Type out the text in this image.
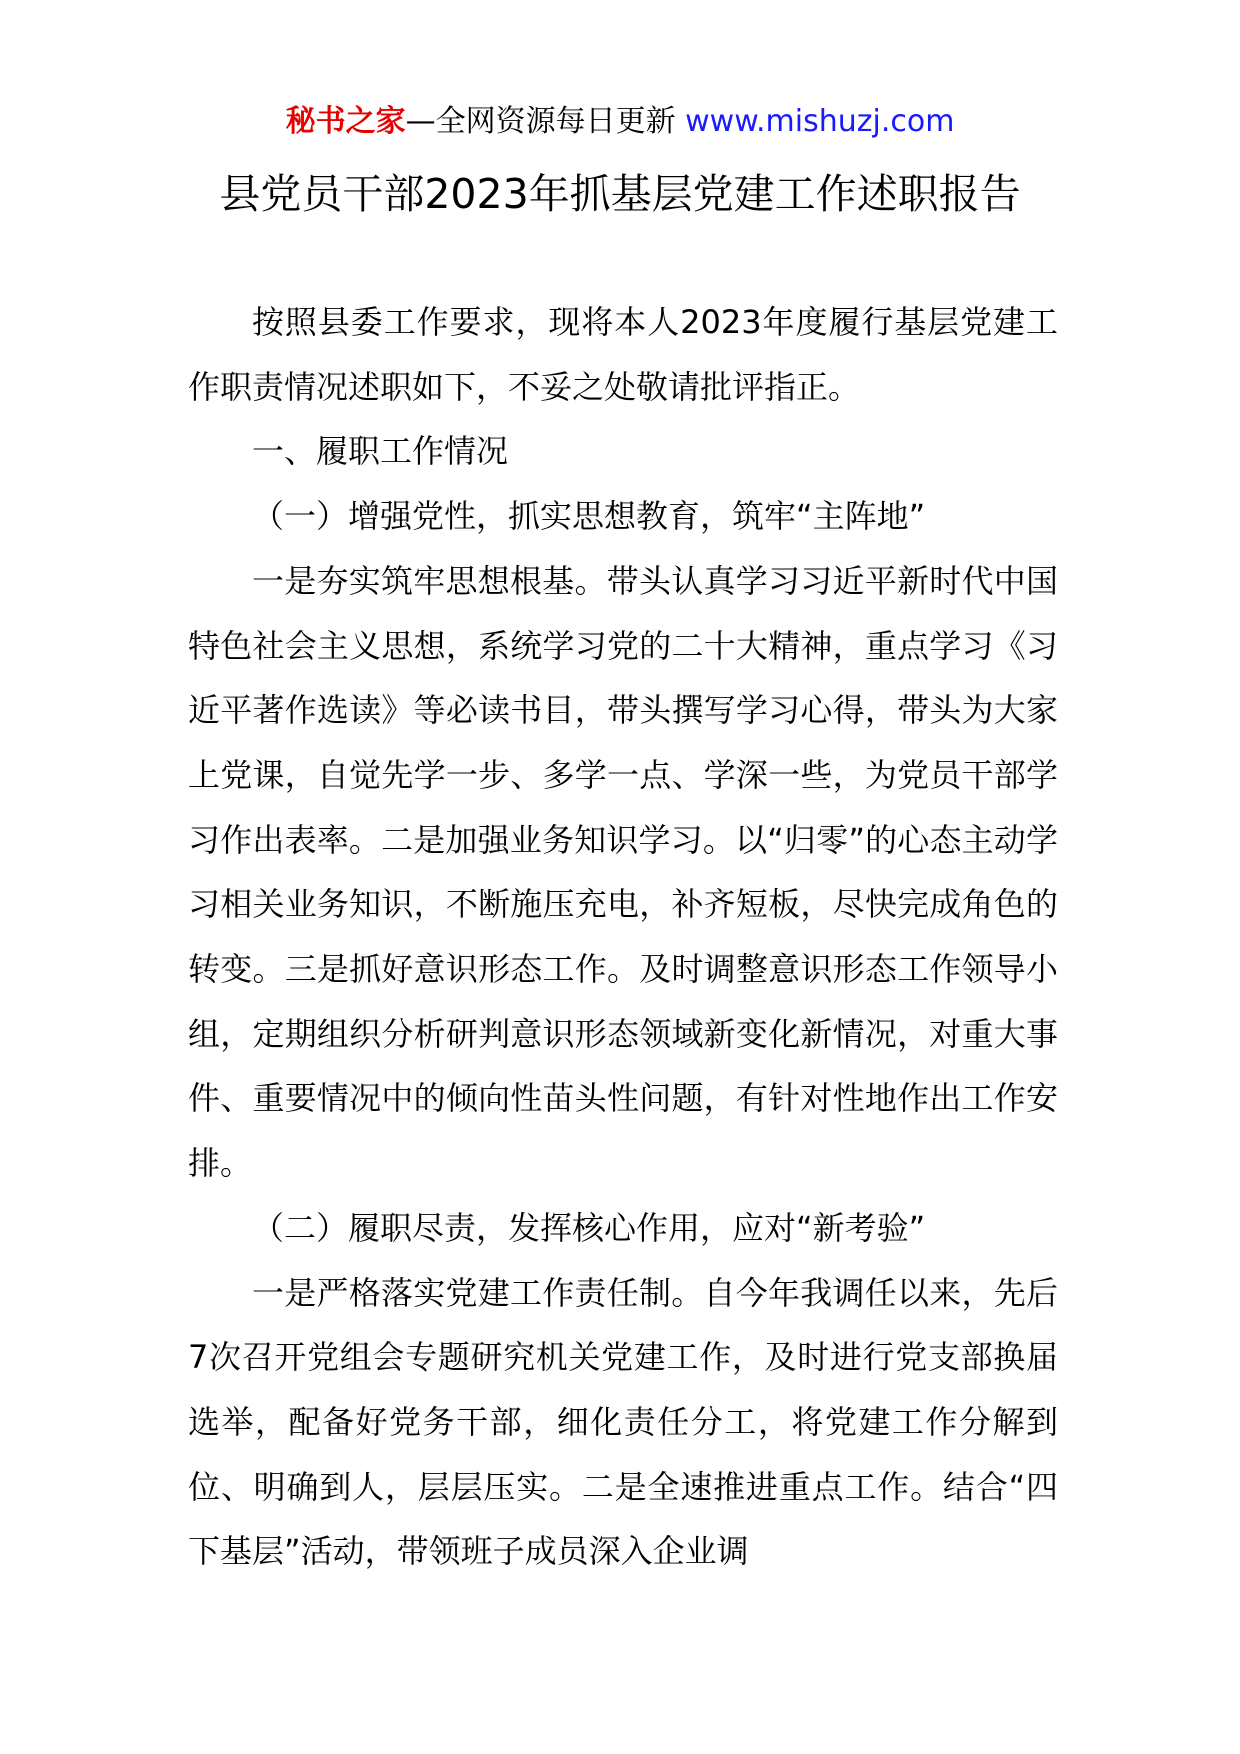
秘书之家—全网资源每日更新 www.mishuzj.com
县党员干部2023年抓基层党建工作述职报告

按照县委工作要求，现将本人2023年度履行基层党建工作职责情况述职如下，不妥之处敬请批评指正。

一、履职工作情况

（一）增强党性，抓实思想教育，筑牢“主阵地”

一是夯实筑牢思想根基。带头认真学习习近平新时代中国特色社会主义思想，系统学习党的二十大精神，重点学习《习近平著作选读》等必读书目，带头撰写学习心得，带头为大家上党课，自觉先学一步、多学一点、学深一些，为党员干部学习作出表率。二是加强业务知识学习。以“归零”的心态主动学习相关业务知识，不断施压充电，补齐短板，尽快完成角色的转变。三是抓好意识形态工作。及时调整意识形态工作领导小组，定期组织分析研判意识形态领域新变化新情况，对重大事件、重要情况中的倾向性苗头性问题，有针对性地作出工作安排。

（二）履职尽责，发挥核心作用，应对“新考验”

一是严格落实党建工作责任制。自今年我调任以来，先后7次召开党组会专题研究机关党建工作，及时进行党支部换届选举，配备好党务干部，细化责任分工，将党建工作分解到位、明确到人，层层压实。二是全速推进重点工作。结合“四下基层”活动，带领班子成员深入企业调
